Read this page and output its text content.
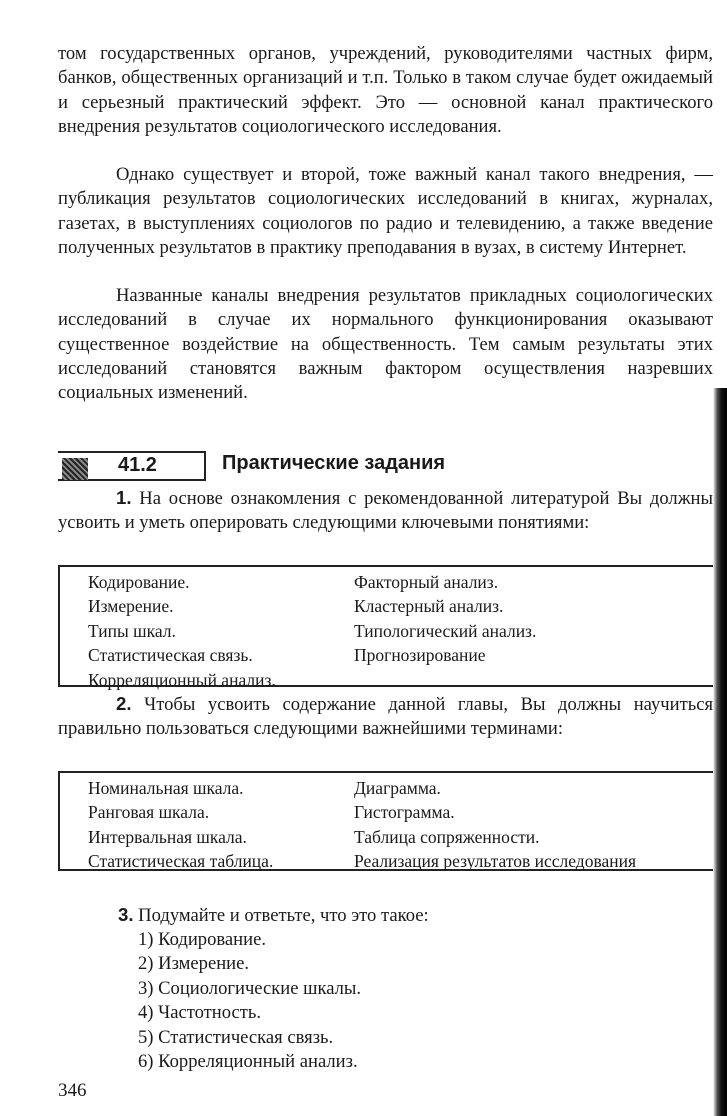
том государственных органов, учреждений, руководителями частных фирм, банков, общественных организаций и т.п. Только в таком случае будет ожидаемый и серьезный практический эффект. Это — основной канал практического внедрения результатов социологического исследования.

Однако существует и второй, тоже важный канал такого внедрения, — публикация результатов социологических исследований в книгах, журналах, газетах, в выступлениях социологов по радио и телевидению, а также введение полученных результатов в практику преподавания в вузах, в систему Интернет.

Названные каналы внедрения результатов прикладных социологических исследований в случае их нормального функционирования оказывают существенное воздействие на общественность. Тем самым результаты этих исследований становятся важным фактором осуществления назревших социальных изменений.

41.2	Практические задания

1. На основе ознакомления с рекомендованной литературой Вы должны усвоить и уметь оперировать следующими ключевыми понятиями:

Кодирование.
Измерение.
Типы шкал.
Статистическая связь.
Корреляционный анализ.
Факторный анализ.
Кластерный анализ.
Типологический анализ.
Прогнозирование

2. Чтобы усвоить содержание данной главы, Вы должны научиться правильно пользоваться следующими важнейшими терминами:

Номинальная шкала.
Ранговая шкала.
Интервальная шкала.
Статистическая таблица.
Диаграмма.
Гистограмма.
Таблица сопряженности.
Реализация результатов исследования

3. Подумайте и ответьте, что это такое:

1) Кодирование.
2) Измерение.
3) Социологические шкалы.
4) Частотность.
5) Статистическая связь.
6) Корреляционный анализ.
346
